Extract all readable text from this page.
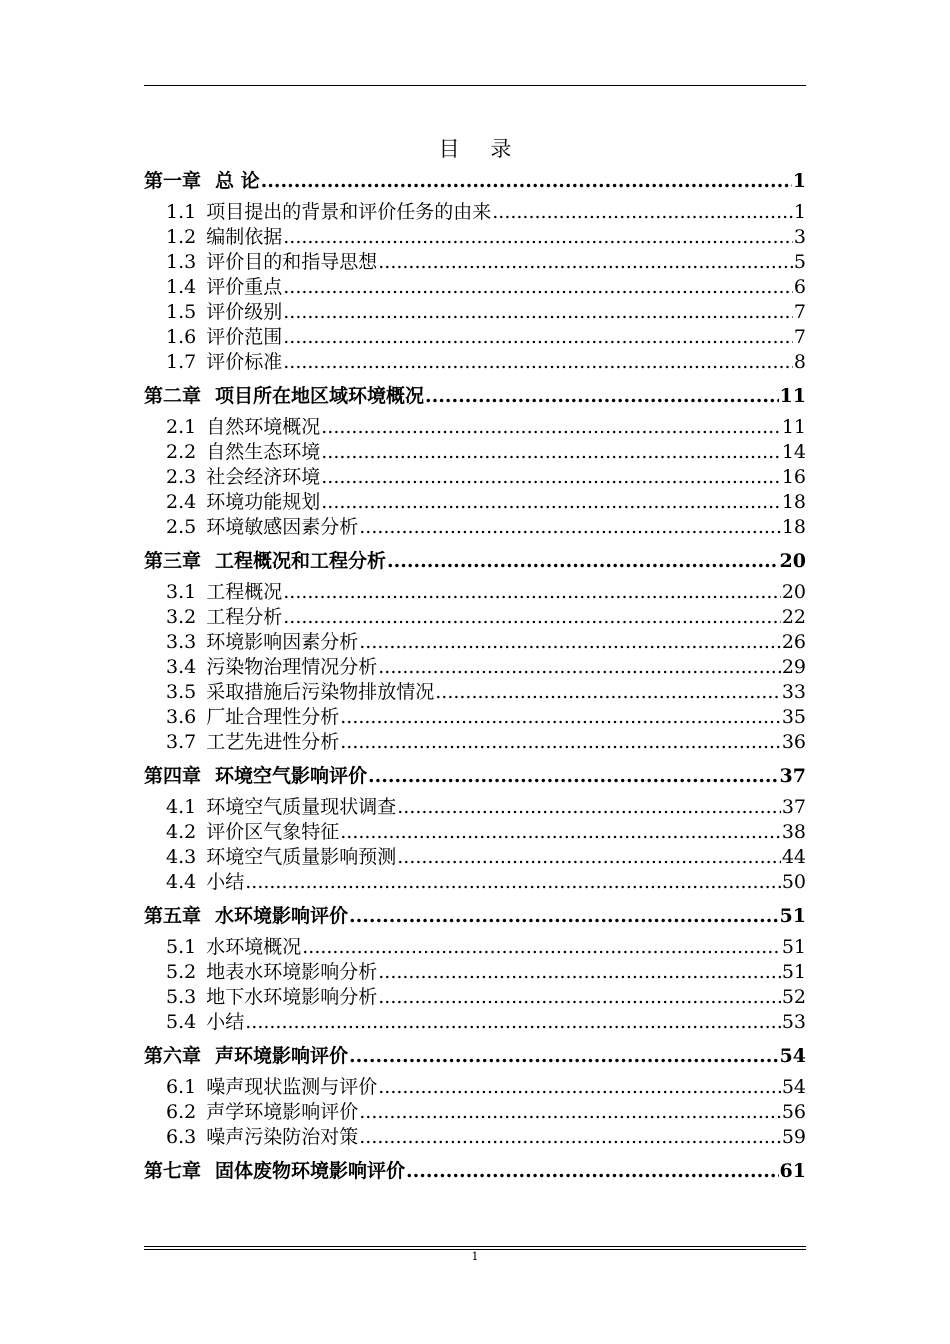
目 录
第一章 总 论 .....	1
1.1 项目提出的背景和评价任务的由来 .....	1
1.2 编制依据 .....	3
1.3 评价目的和指导思想 .....	5
1.4 评价重点 .....	6
1.5 评价级别 .....	7
1.6 评价范围 .....	7
1.7 评价标准 .....	8
第二章 项目所在地区域环境概况 .....	11
2.1 自然环境概况 .....	11
2.2 自然生态环境 .....	14
2.3 社会经济环境 .....	16
2.4 环境功能规划 .....	18
2.5 环境敏感因素分析 .....	18
第三章 工程概况和工程分析 .....	20
3.1 工程概况 .....	20
3.2 工程分析 .....	22
3.3 环境影响因素分析 .....	26
3.4 污染物治理情况分析 .....	29
3.5 采取措施后污染物排放情况 .....	33
3.6 厂址合理性分析 .....	35
3.7 工艺先进性分析 .....	36
第四章 环境空气影响评价 .....	37
4.1 环境空气质量现状调查 .....	37
4.2 评价区气象特征 .....	38
4.3 环境空气质量影响预测 .....	44
4.4 小结 .....	50
第五章 水环境影响评价 .....	51
5.1 水环境概况 .....	51
5.2 地表水环境影响分析 .....	51
5.3 地下水环境影响分析 .....	52
5.4 小结 .....	53
第六章 声环境影响评价 .....	54
6.1 噪声现状监测与评价 .....	54
6.2 声学环境影响评价 .....	56
6.3 噪声污染防治对策 .....	59
第七章 固体废物环境影响评价 .....	61
1
